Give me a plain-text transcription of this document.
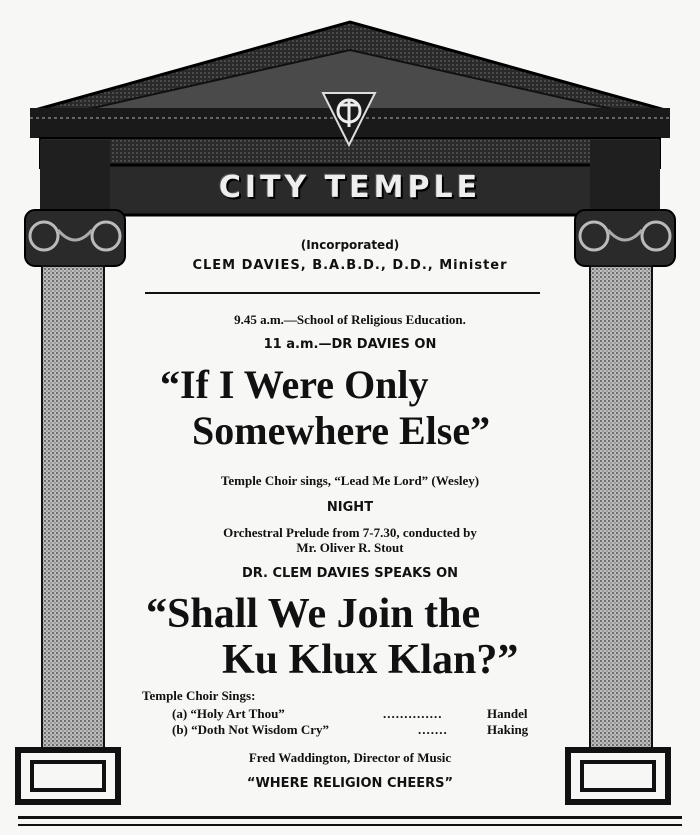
CITY TEMPLE
(Incorporated)
CLEM DAVIES, B.A.B.D., D.D., Minister
9.45 a.m.—School of Religious Education.
11 a.m.—DR DAVIES ON
“If I Were Only
Somewhere Else”
Temple Choir sings, “Lead Me Lord” (Wesley)
NIGHT
Orchestral Prelude from 7-7.30, conducted by
Mr. Oliver R. Stout
DR. CLEM DAVIES SPEAKS ON
“Shall We Join the
Ku Klux Klan?”
Temple Choir Sings:
(a) “Holy Art Thou”	..............	Handel
(b) “Doth Not Wisdom Cry”	.......	Haking
Fred Waddington, Director of Music
“WHERE RELIGION CHEERS”
